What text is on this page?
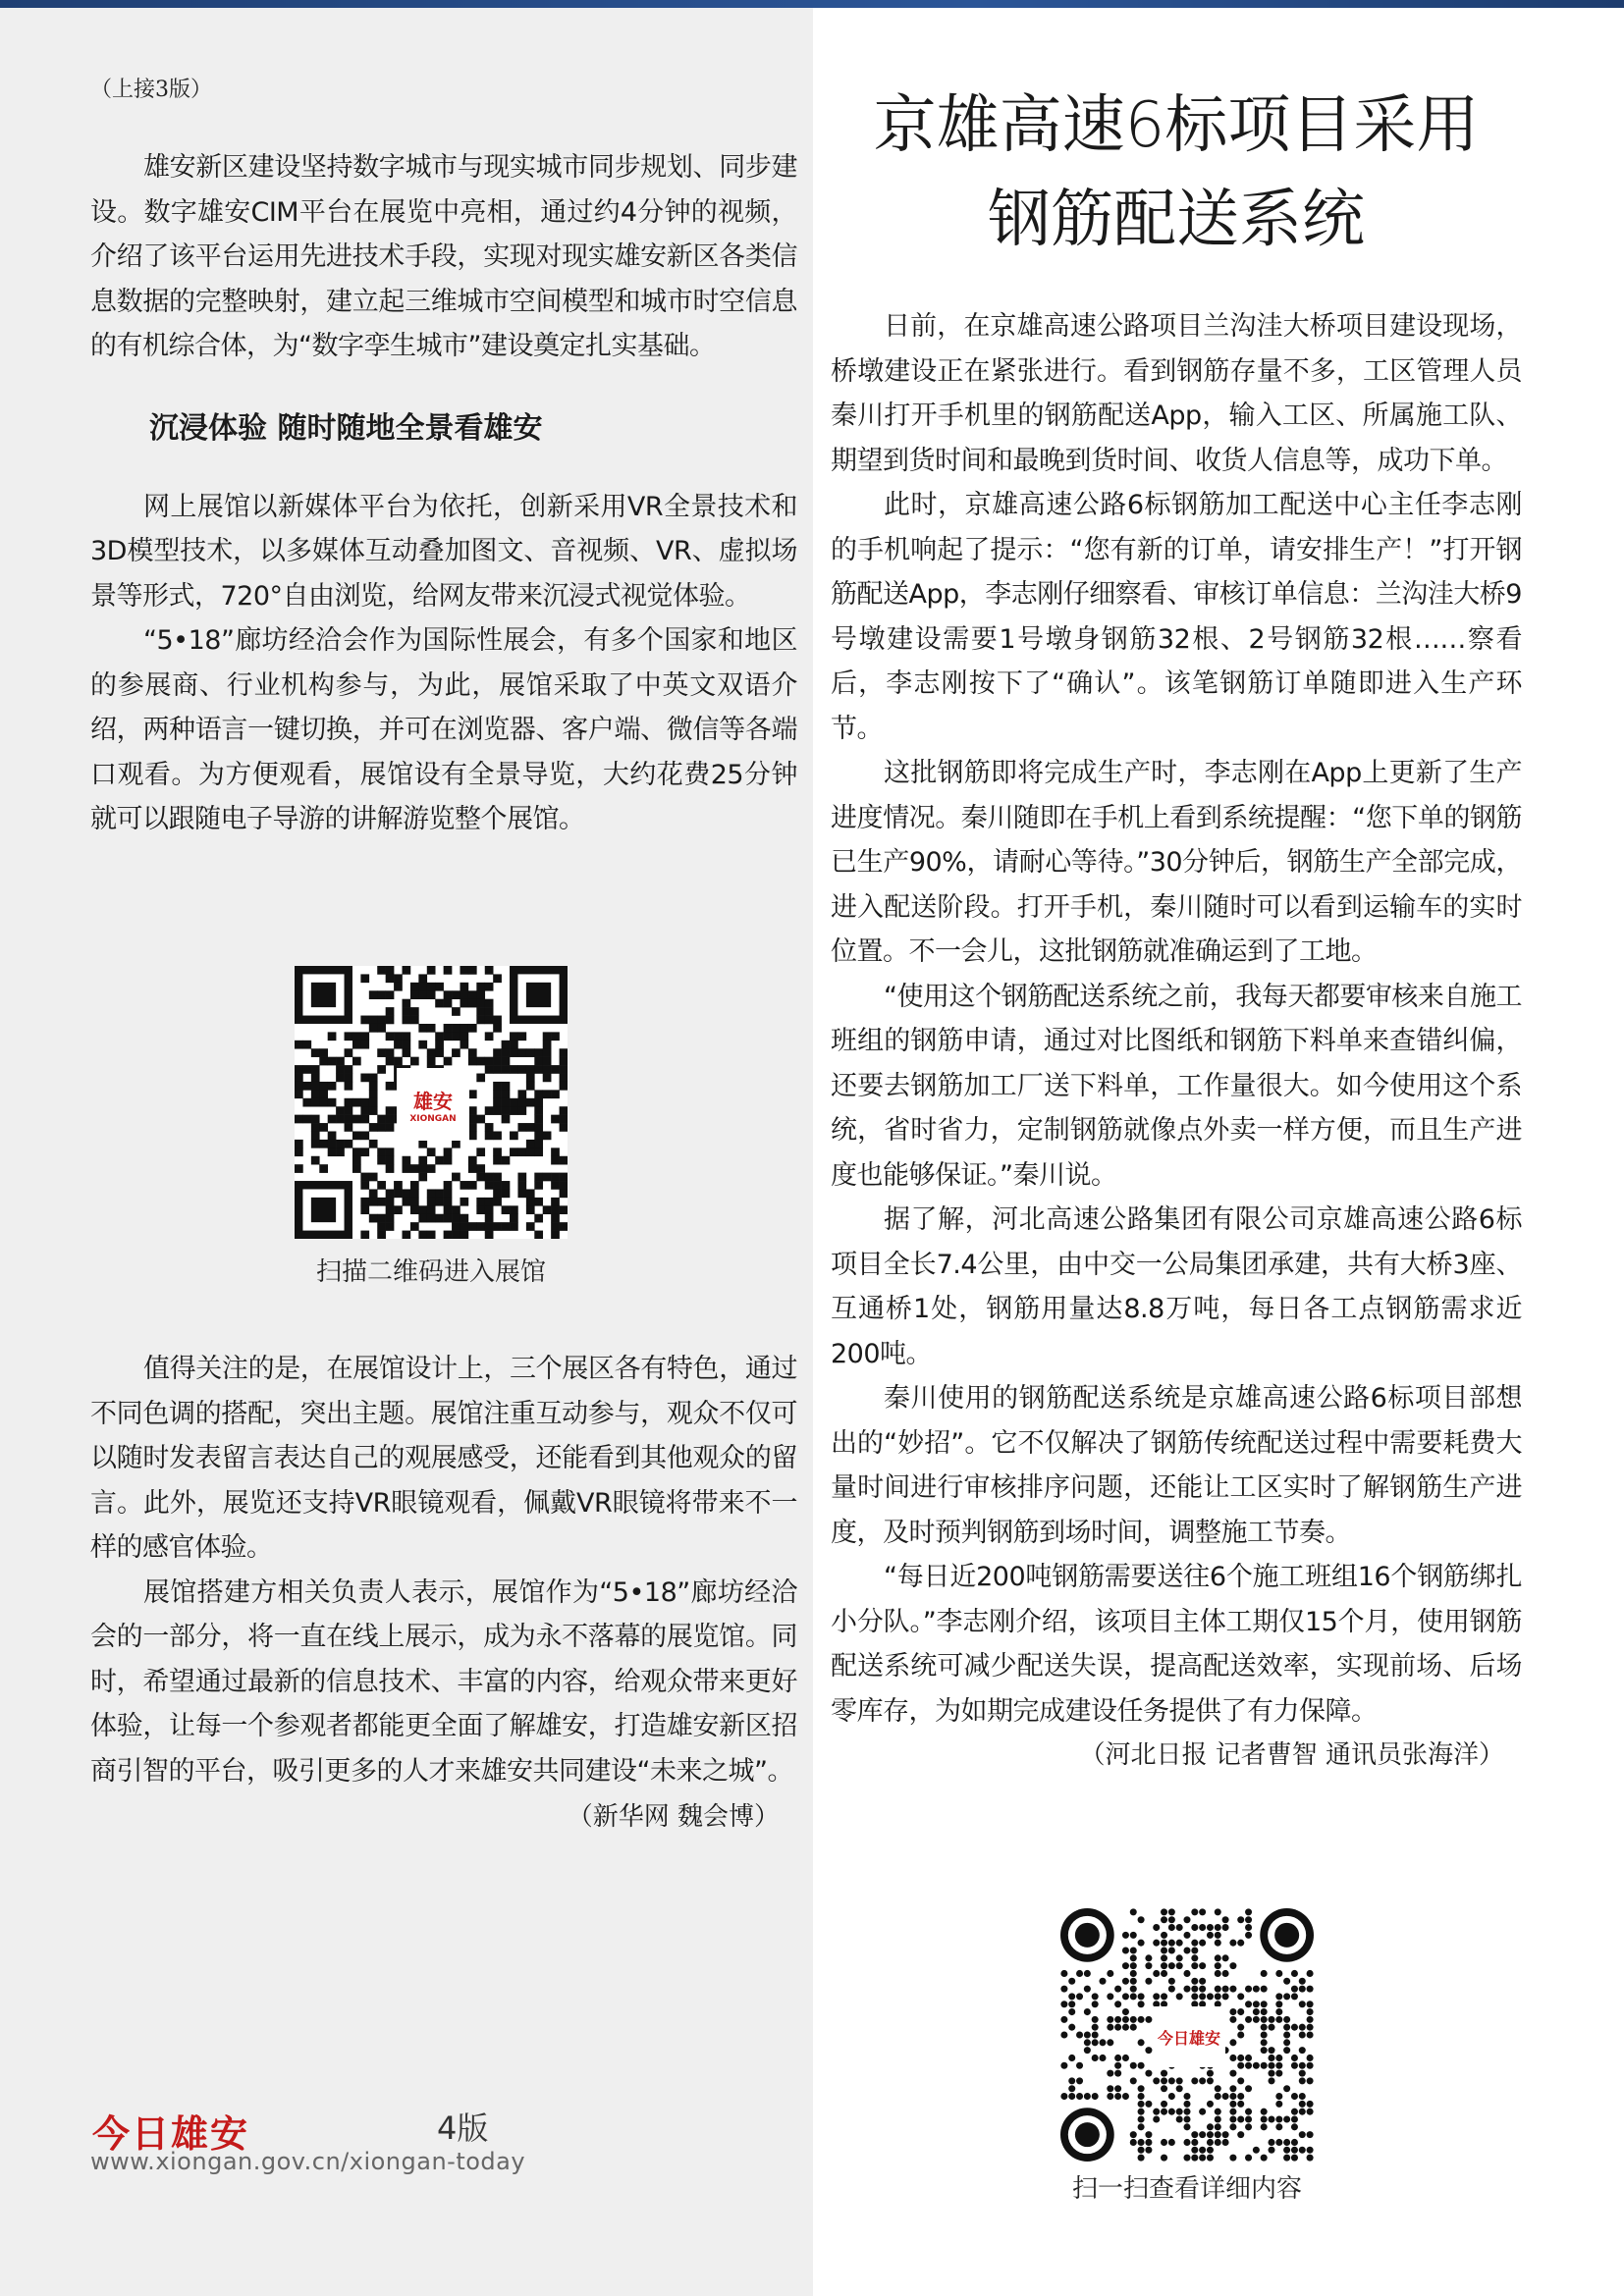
（上接3版）

雄安新区建设坚持数字城市与现实城市同步规划、同步建设。数字雄安CIM平台在展览中亮相，通过约4分钟的视频，介绍了该平台运用先进技术手段，实现对现实雄安新区各类信息数据的完整映射，建立起三维城市空间模型和城市时空信息的有机综合体，为“数字孪生城市”建设奠定扎实基础。

沉浸体验 随时随地全景看雄安

网上展馆以新媒体平台为依托，创新采用VR全景技术和3D模型技术，以多媒体互动叠加图文、音视频、VR、虚拟场景等形式，720°自由浏览，给网友带来沉浸式视觉体验。

“5•18”廊坊经洽会作为国际性展会，有多个国家和地区的参展商、行业机构参与，为此，展馆采取了中英文双语介绍，两种语言一键切换，并可在浏览器、客户端、微信等各端口观看。为方便观看，展馆设有全景导览，大约花费25分钟就可以跟随电子导游的讲解游览整个展馆。

雄安
XIONGAN
扫描二维码进入展馆

值得关注的是，在展馆设计上，三个展区各有特色，通过不同色调的搭配，突出主题。展馆注重互动参与，观众不仅可以随时发表留言表达自己的观展感受，还能看到其他观众的留言。此外，展览还支持VR眼镜观看，佩戴VR眼镜将带来不一样的感官体验。

展馆搭建方相关负责人表示，展馆作为“5•18”廊坊经洽会的一部分，将一直在线上展示，成为永不落幕的展览馆。同时，希望通过最新的信息技术、丰富的内容，给观众带来更好体验，让每一个参观者都能更全面了解雄安，打造雄安新区招商引智的平台，吸引更多的人才来雄安共同建设“未来之城”。

（新华网 魏会博）
今日雄安	4版
www.xiongan.gov.cn/xiongan-today
京雄高速6标项目采用
钢筋配送系统

日前，在京雄高速公路项目兰沟洼大桥项目建设现场，桥墩建设正在紧张进行。看到钢筋存量不多，工区管理人员秦川打开手机里的钢筋配送App，输入工区、所属施工队、期望到货时间和最晚到货时间、收货人信息等，成功下单。

此时，京雄高速公路6标钢筋加工配送中心主任李志刚的手机响起了提示：“您有新的订单，请安排生产！”打开钢筋配送App，李志刚仔细察看、审核订单信息：兰沟洼大桥9号墩建设需要1号墩身钢筋32根、2号钢筋32根……察看后，李志刚按下了“确认”。该笔钢筋订单随即进入生产环节。

这批钢筋即将完成生产时，李志刚在App上更新了生产进度情况。秦川随即在手机上看到系统提醒：“您下单的钢筋已生产90%，请耐心等待。”30分钟后，钢筋生产全部完成，进入配送阶段。打开手机，秦川随时可以看到运输车的实时位置。不一会儿，这批钢筋就准确运到了工地。

“使用这个钢筋配送系统之前，我每天都要审核来自施工班组的钢筋申请，通过对比图纸和钢筋下料单来查错纠偏，还要去钢筋加工厂送下料单，工作量很大。如今使用这个系统，省时省力，定制钢筋就像点外卖一样方便，而且生产进度也能够保证。”秦川说。

据了解，河北高速公路集团有限公司京雄高速公路6标项目全长7.4公里，由中交一公局集团承建，共有大桥3座、互通桥1处，钢筋用量达8.8万吨，每日各工点钢筋需求近200吨。

秦川使用的钢筋配送系统是京雄高速公路6标项目部想出的“妙招”。它不仅解决了钢筋传统配送过程中需要耗费大量时间进行审核排序问题，还能让工区实时了解钢筋生产进度，及时预判钢筋到场时间，调整施工节奏。

“每日近200吨钢筋需要送往6个施工班组16个钢筋绑扎小分队。”李志刚介绍，该项目主体工期仅15个月，使用钢筋配送系统可减少配送失误，提高配送效率，实现前场、后场零库存，为如期完成建设任务提供了有力保障。

（河北日报 记者曹智 通讯员张海洋）
今日雄安
扫一扫查看详细内容
